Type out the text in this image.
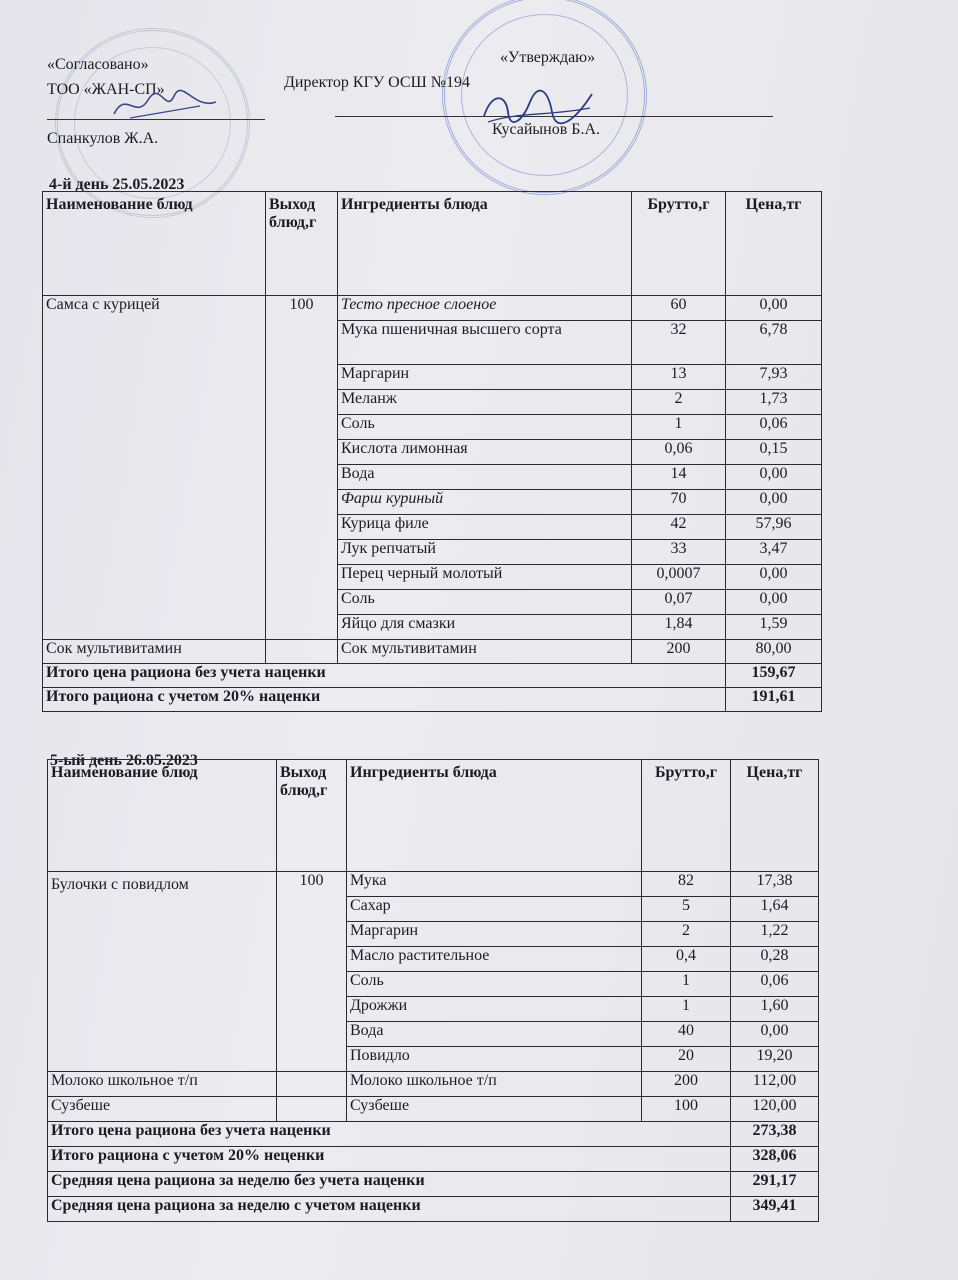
«Согласовано»
ТОО «ЖАН-СП»
Спанкулов Ж.А.
«Утверждаю»
Директор КГУ ОСШ №194
Кусайынов Б.А.
4-й день 25.05.2023
Наименование блюд	Выход блюд,г	Ингредиенты блюда	Брутто,г	Цена,тг
Самса с курицей	100	Тесто пресное слоеное	60	0,00
		Мука пшеничная высшего сорта	32	6,78
		Маргарин	13	7,93
		Меланж	2	1,73
		Соль	1	0,06
		Кислота лимонная	0,06	0,15
		Вода	14	0,00
		Фарш куриный	70	0,00
		Курица филе	42	57,96
		Лук репчатый	33	3,47
		Перец черный молотый	0,0007	0,00
		Соль	0,07	0,00
		Яйцо для смазки	1,84	1,59
Сок мультивитамин		Сок мультивитамин	200	80,00
Итого цена рациона без учета наценки				159,67
Итого рациона с учетом 20% наценки				191,61
5-ый день 26.05.2023
Наименование блюд	Выход блюд,г	Ингредиенты блюда	Брутто,г	Цена,тг
Булочки с повидлом	100	Мука	82	17,38
		Сахар	5	1,64
		Маргарин	2	1,22
		Масло растительное	0,4	0,28
		Соль	1	0,06
		Дрожжи	1	1,60
		Вода	40	0,00
		Повидло	20	19,20
Молоко школьное т/п		Молоко школьное т/п	200	112,00
Сузбеше		Сузбеше	100	120,00
Итого цена рациона без учета наценки				273,38
Итого рациона с учетом 20% неценки				328,06
Средняя цена рациона за неделю без учета наценки				291,17
Средняя цена рациона за неделю с учетом наценки				349,41
